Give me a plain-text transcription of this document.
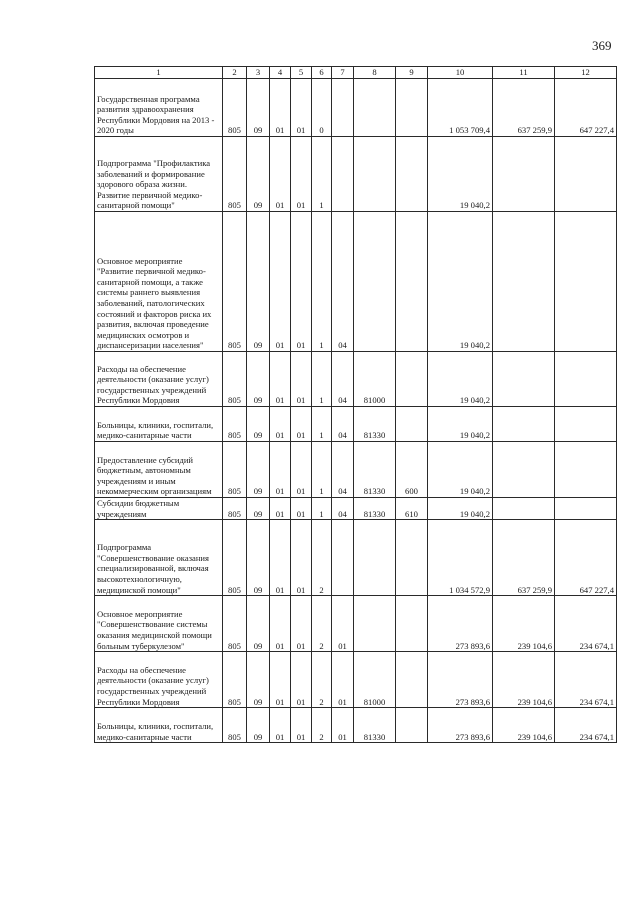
369
1	2	3	4	5	6	7	8	9	10	11	12
Государственная программа развития здравоохранения Республики Мордовия на 2013 - 2020 годы	805	09	01	01	0				1 053 709,4	637 259,9	647 227,4
Подпрограмма "Профилактика заболеваний и формирование здорового образа жизни. Развитие первичной медико-санитарной помощи"	805	09	01	01	1				19 040,2		
Основное мероприятие "Развитие первичной медико-санитарной помощи, а также системы раннего выявления заболеваний, патологических состояний и факторов риска их развития, включая проведение медицинских осмотров и диспансеризации населения"	805	09	01	01	1	04			19 040,2		
Расходы на обеспечение деятельности (оказание услуг) государственных учреждений Республики Мордовия	805	09	01	01	1	04	81000		19 040,2		
Больницы, клиники, госпитали, медико-санитарные части	805	09	01	01	1	04	81330		19 040,2		
Предоставление субсидий бюджетным, автономным учреждениям и иным некоммерческим организациям	805	09	01	01	1	04	81330	600	19 040,2		
Субсидии бюджетным учреждениям	805	09	01	01	1	04	81330	610	19 040,2		
Подпрограмма "Совершенствование оказания специализированной, включая высокотехнологичную, медицинской помощи"	805	09	01	01	2				1 034 572,9	637 259,9	647 227,4
Основное мероприятие "Совершенствование системы оказания медицинской помощи больным туберкулезом"	805	09	01	01	2	01			273 893,6	239 104,6	234 674,1
Расходы на обеспечение деятельности (оказание услуг) государственных учреждений Республики Мордовия	805	09	01	01	2	01	81000		273 893,6	239 104,6	234 674,1
Больницы, клиники, госпитали, медико-санитарные части	805	09	01	01	2	01	81330		273 893,6	239 104,6	234 674,1
